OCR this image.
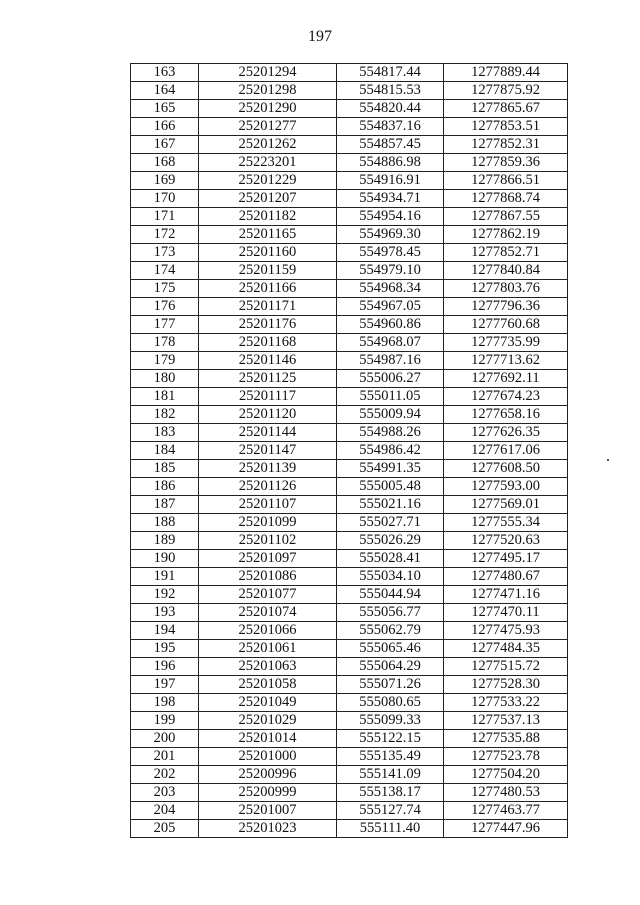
197
163	25201294	554817.44	1277889.44
164	25201298	554815.53	1277875.92
165	25201290	554820.44	1277865.67
166	25201277	554837.16	1277853.51
167	25201262	554857.45	1277852.31
168	25223201	554886.98	1277859.36
169	25201229	554916.91	1277866.51
170	25201207	554934.71	1277868.74
171	25201182	554954.16	1277867.55
172	25201165	554969.30	1277862.19
173	25201160	554978.45	1277852.71
174	25201159	554979.10	1277840.84
175	25201166	554968.34	1277803.76
176	25201171	554967.05	1277796.36
177	25201176	554960.86	1277760.68
178	25201168	554968.07	1277735.99
179	25201146	554987.16	1277713.62
180	25201125	555006.27	1277692.11
181	25201117	555011.05	1277674.23
182	25201120	555009.94	1277658.16
183	25201144	554988.26	1277626.35
184	25201147	554986.42	1277617.06
185	25201139	554991.35	1277608.50
186	25201126	555005.48	1277593.00
187	25201107	555021.16	1277569.01
188	25201099	555027.71	1277555.34
189	25201102	555026.29	1277520.63
190	25201097	555028.41	1277495.17
191	25201086	555034.10	1277480.67
192	25201077	555044.94	1277471.16
193	25201074	555056.77	1277470.11
194	25201066	555062.79	1277475.93
195	25201061	555065.46	1277484.35
196	25201063	555064.29	1277515.72
197	25201058	555071.26	1277528.30
198	25201049	555080.65	1277533.22
199	25201029	555099.33	1277537.13
200	25201014	555122.15	1277535.88
201	25201000	555135.49	1277523.78
202	25200996	555141.09	1277504.20
203	25200999	555138.17	1277480.53
204	25201007	555127.74	1277463.77
205	25201023	555111.40	1277447.96
